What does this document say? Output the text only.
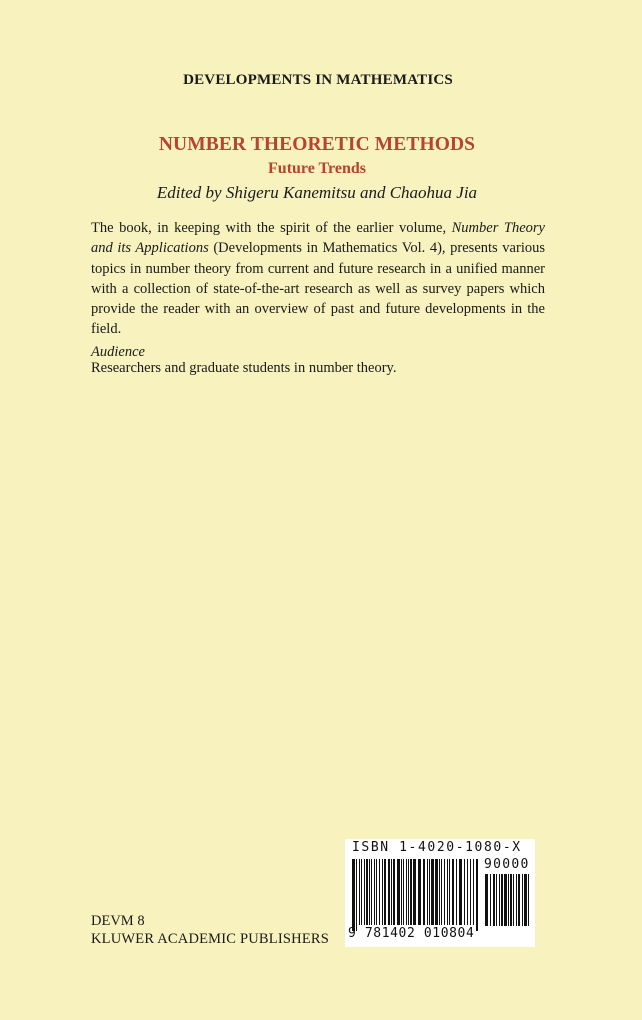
DEVELOPMENTS IN MATHEMATICS
NUMBER THEORETIC METHODS
Future Trends
Edited by Shigeru Kanemitsu and Chaohua Jia
The book, in keeping with the spirit of the earlier volume, Number Theory and its Applications (Developments in Mathematics Vol. 4), presents various topics in number theory from current and future research in a unified manner with a collection of state-of-the-art research as well as survey papers which provide the reader with an overview of past and future developments in the field.
Audience
Researchers and graduate students in number theory.
DEVM 8
KLUWER ACADEMIC PUBLISHERS
ISBN 1-4020-1080-X
90000
9 781402 010804
